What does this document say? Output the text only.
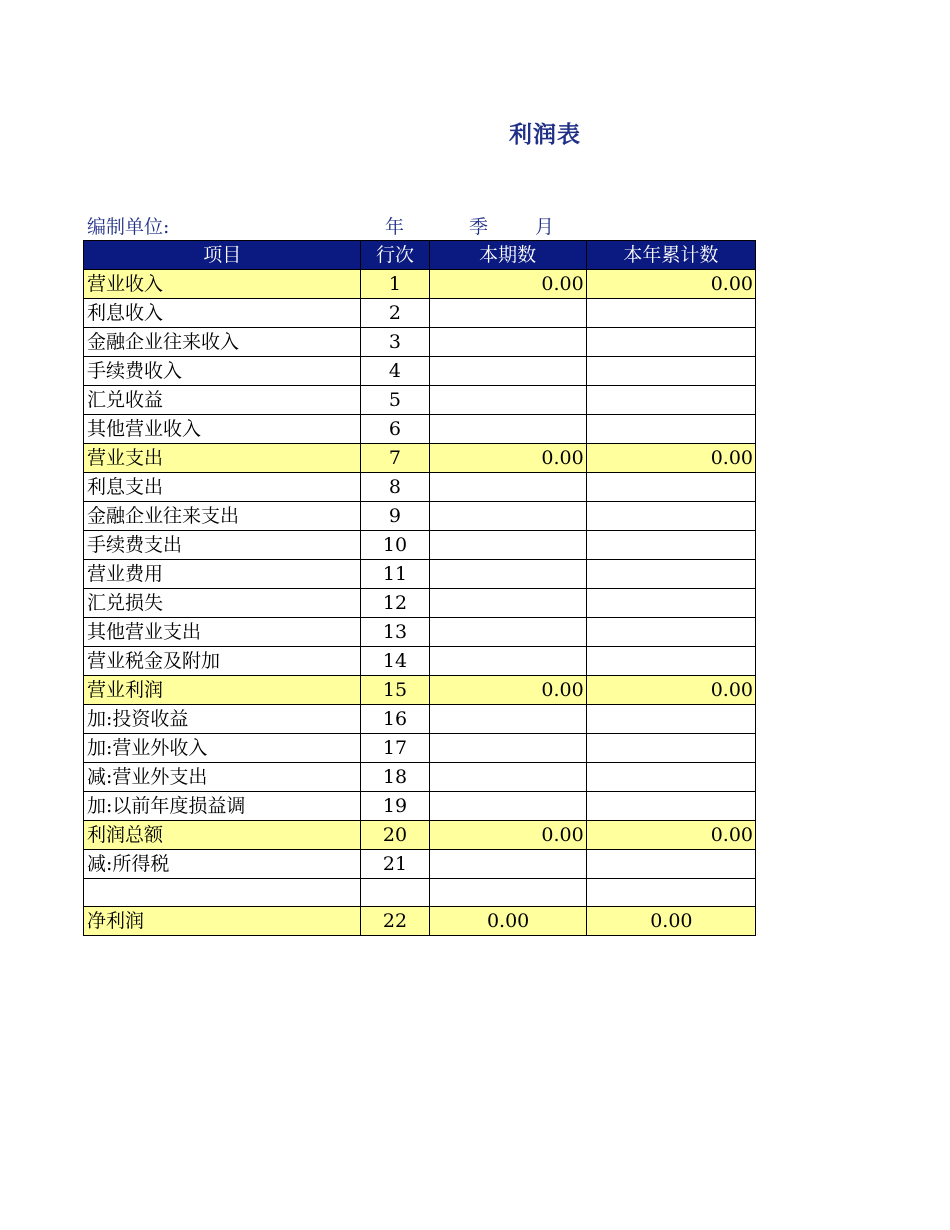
利润表
编制单位:	年	季 月
项目	行次	本期数	本年累计数
营业收入	1	0.00	0.00
利息收入	2		
金融企业往来收入	3		
手续费收入	4		
汇兑收益	5		
其他营业收入	6		
营业支出	7	0.00	0.00
利息支出	8		
金融企业往来支出	9		
手续费支出	10		
营业费用	11		
汇兑损失	12		
其他营业支出	13		
营业税金及附加	14		
营业利润	15	0.00	0.00
加:投资收益	16		
加:营业外收入	17		
减:营业外支出	18		
加:以前年度损益调	19		
利润总额	20	0.00	0.00
减:所得税	21		

净利润	22	0.00	0.00
